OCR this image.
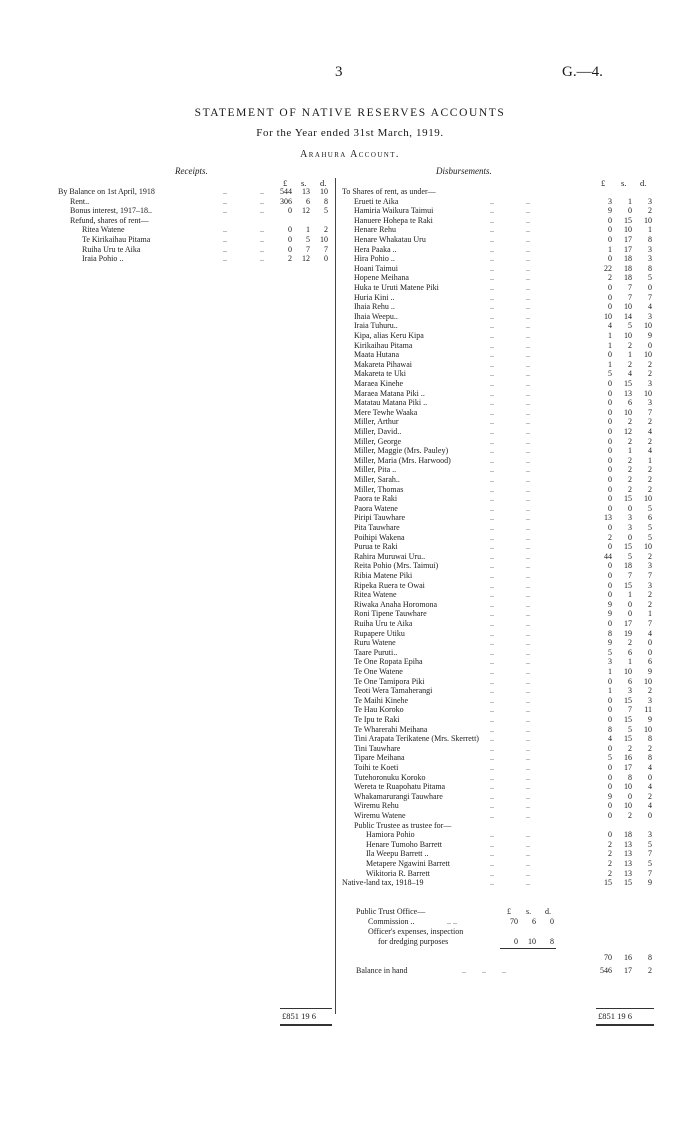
3	G.—4.
STATEMENT OF NATIVE RESERVES ACCOUNTS
For the Year ended 31st March, 1919.
Arahura Account.
Receipts.	Disbursements.
£ s. d.	£ s. d.
By Balance on 1st April, 1918	..	..	544	13	10
Rent..	..	..	306	6	8
Bonus interest, 1917–18..	..	..	0	12	5
Refund, shares of rent—
Ritea Watene	..	..	0	1	2
Te Kirikaihau Pitama	..	..	0	5	10
Ruiha Uru te Aika	..	..	0	7	7
Iraia Pohio ..	..	..	2	12	0
To Shares of rent, as under—
Erueti te Aika	..	..	3	1	3
Hamiria Waikura Taimui	..	..	9	0	2
Hanuere Hohepa te Raki	..	..	0	15	10
Henare Rehu	..	..	0	10	1
Henare Whakatau Uru	..	..	0	17	8
Hera Paaka ..	..	..	1	17	3
Hira Pohio ..	..	..	0	18	3
Hoani Taimui	..	..	22	18	8
Hopene Meihana	..	..	2	18	5
Huka te Uruti Matene Piki	..	..	0	7	0
Huria Kini ..	..	..	0	7	7
Ihaia Rehu ..	..	..	0	10	4
Ihaia Weepu..	..	..	10	14	3
Iraia Tuhuru..	..	..	4	5	10
Kipa, alias Keru Kipa	..	..	1	10	9
Kirikaihau Pitama	..	..	1	2	0
Maata Hutana	..	..	0	1	10
Makareta Pihawai	..	..	1	2	2
Makareta te Uki	..	..	5	4	2
Maraea Kinehe	..	..	0	15	3
Maraea Matana Piki ..	..	..	0	13	10
Matatau Matana Piki ..	..	..	0	6	3
Mere Tewhe Waaka	..	..	0	10	7
Miller, Arthur	..	..	0	2	2
Miller, David..	..	..	0	12	4
Miller, George	..	..	0	2	2
Miller, Maggie (Mrs. Pauley)	..	..	0	1	4
Miller, Maria (Mrs. Harwood)	..	..	0	2	1
Miller, Pita ..	..	..	0	2	2
Miller, Sarah..	..	..	0	2	2
Miller, Thomas	..	..	0	2	2
Paora te Raki	..	..	0	15	10
Paora Watene	..	..	0	0	5
Piripi Tauwhare	..	..	13	3	6
Pita Tauwhare	..	..	0	3	5
Poihipi Wakena	..	..	2	0	5
Purua te Raki	..	..	0	15	10
Rahira Muruwai Uru..	..	..	44	5	2
Reita Pohio (Mrs. Taimui)	..	..	0	18	3
Ribia Matene Piki	..	..	0	7	7
Ripeka Ruera te Owai	..	..	0	15	3
Ritea Watene	..	..	0	1	2
Riwaka Anaha Horomona	..	..	9	0	2
Roni Tipene Tauwhare	..	..	9	0	1
Ruiha Uru te Aika	..	..	0	17	7
Rupapere Utiku	..	..	8	19	4
Ruru Watene	..	..	9	2	0
Taare Puruti..	..	..	5	6	0
Te One Ropata Epiha	..	..	3	1	6
Te One Watene	..	..	1	10	9
Te One Tamipora Piki	..	..	0	6	10
Teoti Wera Tamaherangi	..	..	1	3	2
Te Maihi Kinehe	..	..	0	15	3
Te Hau Koroko	..	..	0	7	11
Te Ipu te Raki	..	..	0	15	9
Te Wharerahi Meihana	..	..	8	5	10
Tini Arapata Terikatene (Mrs. Skerrett) ..	..	4	15	8
Tini Tauwhare	..	..	0	2	2
Tipare Meihana	..	..	5	16	8
Toihi te Koeti	..	..	0	17	4
Tutehoronuku Koroko	..	..	0	8	0
Wereta te Ruapohatu Pitama	..	..	0	10	4
Whakamarurangi Tauwhare	..	..	9	0	2
Wiremu Rehu	..	..	0	10	4
Wiremu Watene	..	..	0	2	0
Public Trustee as trustee for—
Hamiora Pohio	..	..	0	18	3
Henare Tumoho Barrett	..	..	2	13	5
Ila Weepu Barrett ..	..	..	2	13	7
Metapere Ngawini Barrett	..	..	2	13	5
Wikitoria R. Barrett	..	..	2	13	7
Native-land tax, 1918–19	..	..	15	15	9
Public Trust Office—	£ s. d.
Commission ..	.. ..	70	6	0
Officer's expenses, inspection
for dredging purposes	0	10	8
70	16	8
Balance in hand	..        ..        ..	546	17	2
£851 19 6	£851 19 6
